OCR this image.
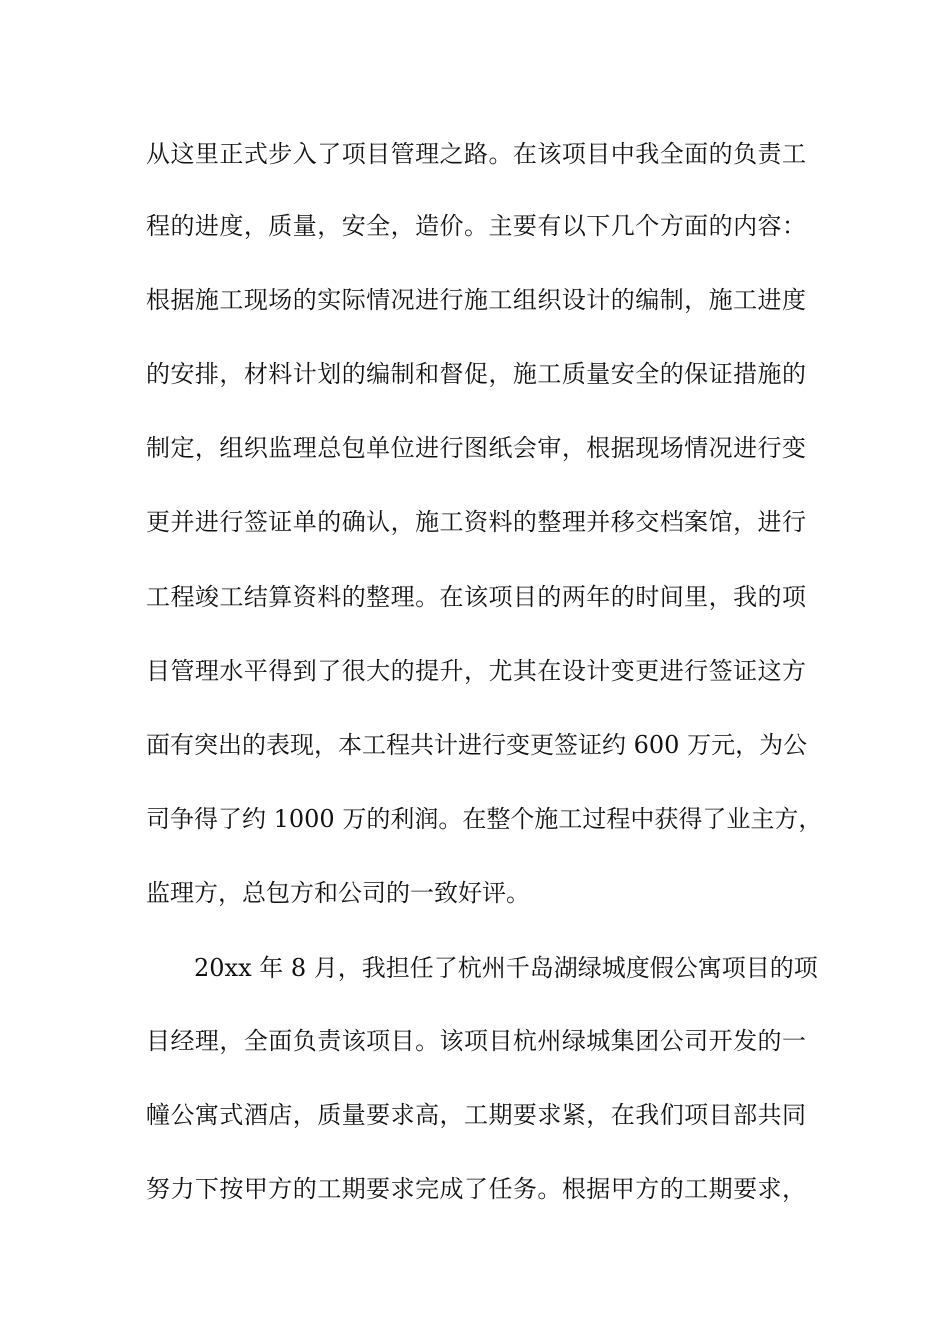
从这里正式步入了项目管理之路。在该项目中我全面的负责工
程的进度，质量，安全，造价。主要有以下几个方面的内容：
根据施工现场的实际情况进行施工组织设计的编制，施工进度
的安排，材料计划的编制和督促，施工质量安全的保证措施的
制定，组织监理总包单位进行图纸会审，根据现场情况进行变
更并进行签证单的确认，施工资料的整理并移交档案馆，进行
工程竣工结算资料的整理。在该项目的两年的时间里，我的项
目管理水平得到了很大的提升，尤其在设计变更进行签证这方
面有突出的表现，本工程共计进行变更签证约 600 万元，为公
司争得了约 1000 万的利润。在整个施工过程中获得了业主方，
监理方，总包方和公司的一致好评。
20xx 年 8 月，我担任了杭州千岛湖绿城度假公寓项目的项
目经理，全面负责该项目。该项目杭州绿城集团公司开发的一
幢公寓式酒店，质量要求高，工期要求紧，在我们项目部共同
努力下按甲方的工期要求完成了任务。根据甲方的工期要求，
